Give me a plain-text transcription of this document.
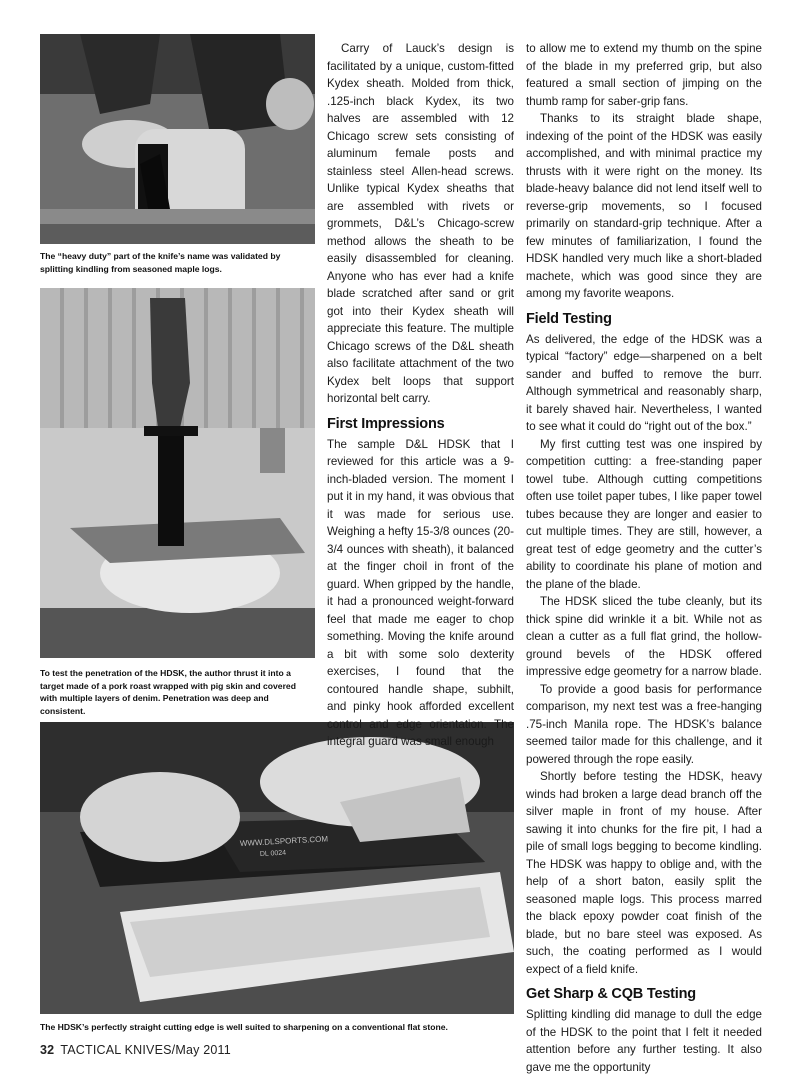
The “heavy duty” part of the knife’s name was validated by splitting kindling from seasoned maple logs.
To test the penetration of the HDSK, the author thrust it into a target made of a pork roast wrapped with pig skin and covered with multiple layers of denim. Penetration was deep and consistent.
WWW.DLSPORTS.COM
DL 0024
The HDSK’s perfectly straight cutting edge is well suited to sharpening on a conventional flat stone.

Carry of Lauck’s design is facilitated by a unique, custom-fitted Kydex sheath. Molded from thick, .125-inch black Kydex, its two halves are assembled with 12 Chicago screw sets consisting of aluminum female posts and stainless steel Allen-head screws. Unlike typical Kydex sheaths that are assembled with rivets or grommets, D&L’s Chicago-screw method allows the sheath to be easily disassembled for cleaning. Anyone who has ever had a knife blade scratched after sand or grit got into their Kydex sheath will appreciate this feature. The multiple Chicago screws of the D&L sheath also facilitate attachment of the two Kydex belt loops that support horizontal belt carry.

First Impressions

The sample D&L HDSK that I reviewed for this article was a 9-inch-bladed version. The moment I put it in my hand, it was obvious that it was made for serious use. Weighing a hefty 15-3/8 ounces (20-3/4 ounces with sheath), it balanced at the finger choil in front of the guard. When gripped by the handle, it had a pronounced weight-forward feel that made me eager to chop something. Moving the knife around a bit with some solo dexterity exercises, I found that the contoured handle shape, subhilt, and pinky hook afforded excellent control and edge orientation. The integral guard was small enough

to allow me to extend my thumb on the spine of the blade in my preferred grip, but also featured a small section of jimping on the thumb ramp for saber-grip fans.

Thanks to its straight blade shape, indexing of the point of the HDSK was easily accomplished, and with minimal practice my thrusts with it were right on the money. Its blade-heavy balance did not lend itself well to reverse-grip movements, so I focused primarily on standard-grip technique. After a few minutes of familiarization, I found the HDSK handled very much like a short-bladed machete, which was good since they are among my favorite weapons.

Field Testing

As delivered, the edge of the HDSK was a typical “factory” edge—sharpened on a belt sander and buffed to remove the burr. Although symmetrical and reasonably sharp, it barely shaved hair. Nevertheless, I wanted to see what it could do “right out of the box.”

My first cutting test was one inspired by competition cutting: a free-standing paper towel tube. Although cutting competitions often use toilet paper tubes, I like paper towel tubes because they are longer and easier to cut multiple times. They are still, however, a great test of edge geometry and the cutter’s ability to coordinate his plane of motion and the plane of the blade.

The HDSK sliced the tube cleanly, but its thick spine did wrinkle it a bit. While not as clean a cutter as a full flat grind, the hollow-ground bevels of the HDSK offered impressive edge geometry for a narrow blade.

To provide a good basis for performance comparison, my next test was a free-hanging .75-inch Manila rope. The HDSK’s balance seemed tailor made for this challenge, and it powered through the rope easily.

Shortly before testing the HDSK, heavy winds had broken a large dead branch off the silver maple in front of my house. After sawing it into chunks for the fire pit, I had a pile of small logs begging to become kindling. The HDSK was happy to oblige and, with the help of a short baton, easily split the seasoned maple logs. This process marred the black epoxy powder coat finish of the blade, but no bare steel was exposed. As such, the coating performed as I would expect of a field knife.

Get Sharp & CQB Testing

Splitting kindling did manage to dull the edge of the HDSK to the point that I felt it needed attention before any further testing. It also gave me the opportunity

32 TACTICAL KNIVES/May 2011
